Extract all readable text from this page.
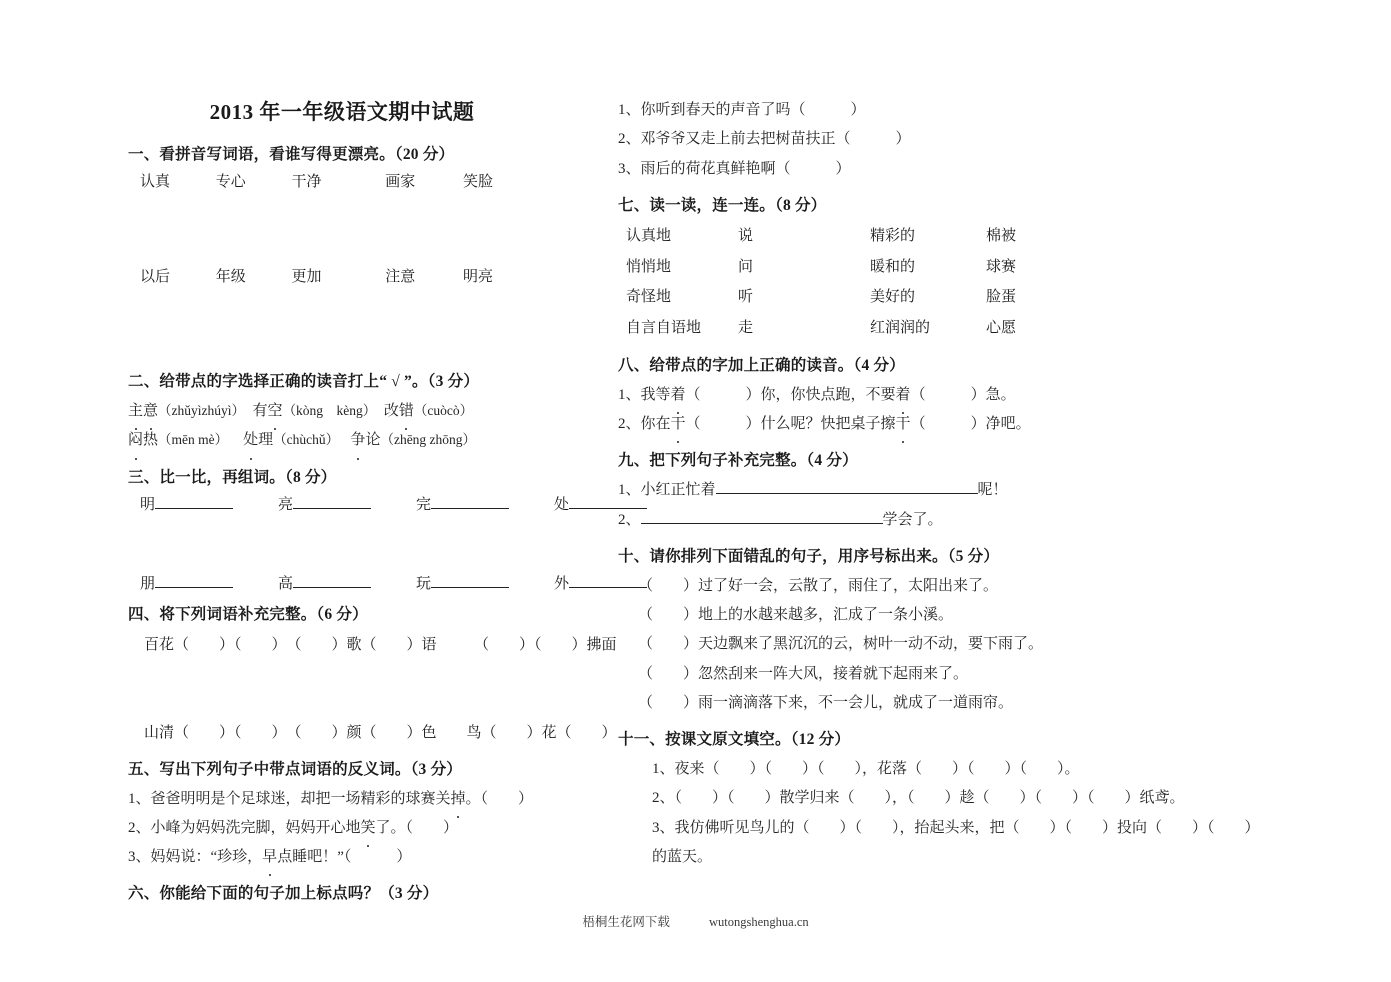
2013 年一年级语文期中试题
一、看拼音写词语，看谁写得更漂亮。（20 分）
认真	专心	干净	画家	笑脸
以后	年级	更加	注意	明亮
二、给带点的字选择正确的读音打上“ √ ”。（3 分）
主意（zhǔyìzhúyì） 有空（kòng　kèng） 改错（cuòcò）
闷热（mēn mè） 处理（chùchǔ） 争论（zhēng zhōng）
三、比一比，再组词。（8 分）
明	亮	完	处
朋	高	玩	外
四、将下列词语补充完整。（6 分）
百花（　　）（　　）　（　　）歌（　　）语　　　（　　）（　　）拂面
山清（　　）（　　）　（　　）颜（　　）色　　鸟（　　）花（　　）
五、写出下列句子中带点词语的反义词。（3 分）
1、爸爸明明是个足球迷，却把一场精彩的球赛关掉。（　　）
2、小峰为妈妈洗完脚，妈妈开心地笑了。（　　）
3、妈妈说：“珍珍，早点睡吧！”（　　　）
六、你能给下面的句子加上标点吗？（3 分）
1、你听到春天的声音了吗（　　　）
2、邓爷爷又走上前去把树苗扶正（　　　）
3、雨后的荷花真鲜艳啊（　　　）
七、读一读，连一连。（8 分）
认真地	说	精彩的	棉被
悄悄地	问	暖和的	球赛
奇怪地	听	美好的	脸蛋
自言自语地	走	红润润的	心愿
八、给带点的字加上正确的读音。（4 分）
1、我等着（　　　）你，你快点跑，不要着（　　　）急。
2、你在干（　　　）什么呢？快把桌子擦干（　　　）净吧。
九、把下列句子补充完整。（4 分）
1、小红正忙着	呢！
2、	学会了。
十、请你排列下面错乱的句子，用序号标出来。（5 分）
（　　）过了好一会，云散了，雨住了，太阳出来了。
（　　）地上的水越来越多，汇成了一条小溪。
（　　）天边飘来了黑沉沉的云，树叶一动不动，要下雨了。
（　　）忽然刮来一阵大风，接着就下起雨来了。
（　　）雨一滴滴落下来，不一会儿，就成了一道雨帘。
十一、按课文原文填空。（12 分）
1、夜来（　　）（　　）（　　），花落（　　）（　　）（　　）。
2、（　　）（　　）散学归来（　　），（　　）趁（　　）（　　）（　　）纸鸢。
3、我仿佛听见鸟儿的（　　）（　　），抬起头来，把（　　）（　　）投向（　　）（　　）
的蓝天。
梧桐生花网下载	wutongshenghua.cn
